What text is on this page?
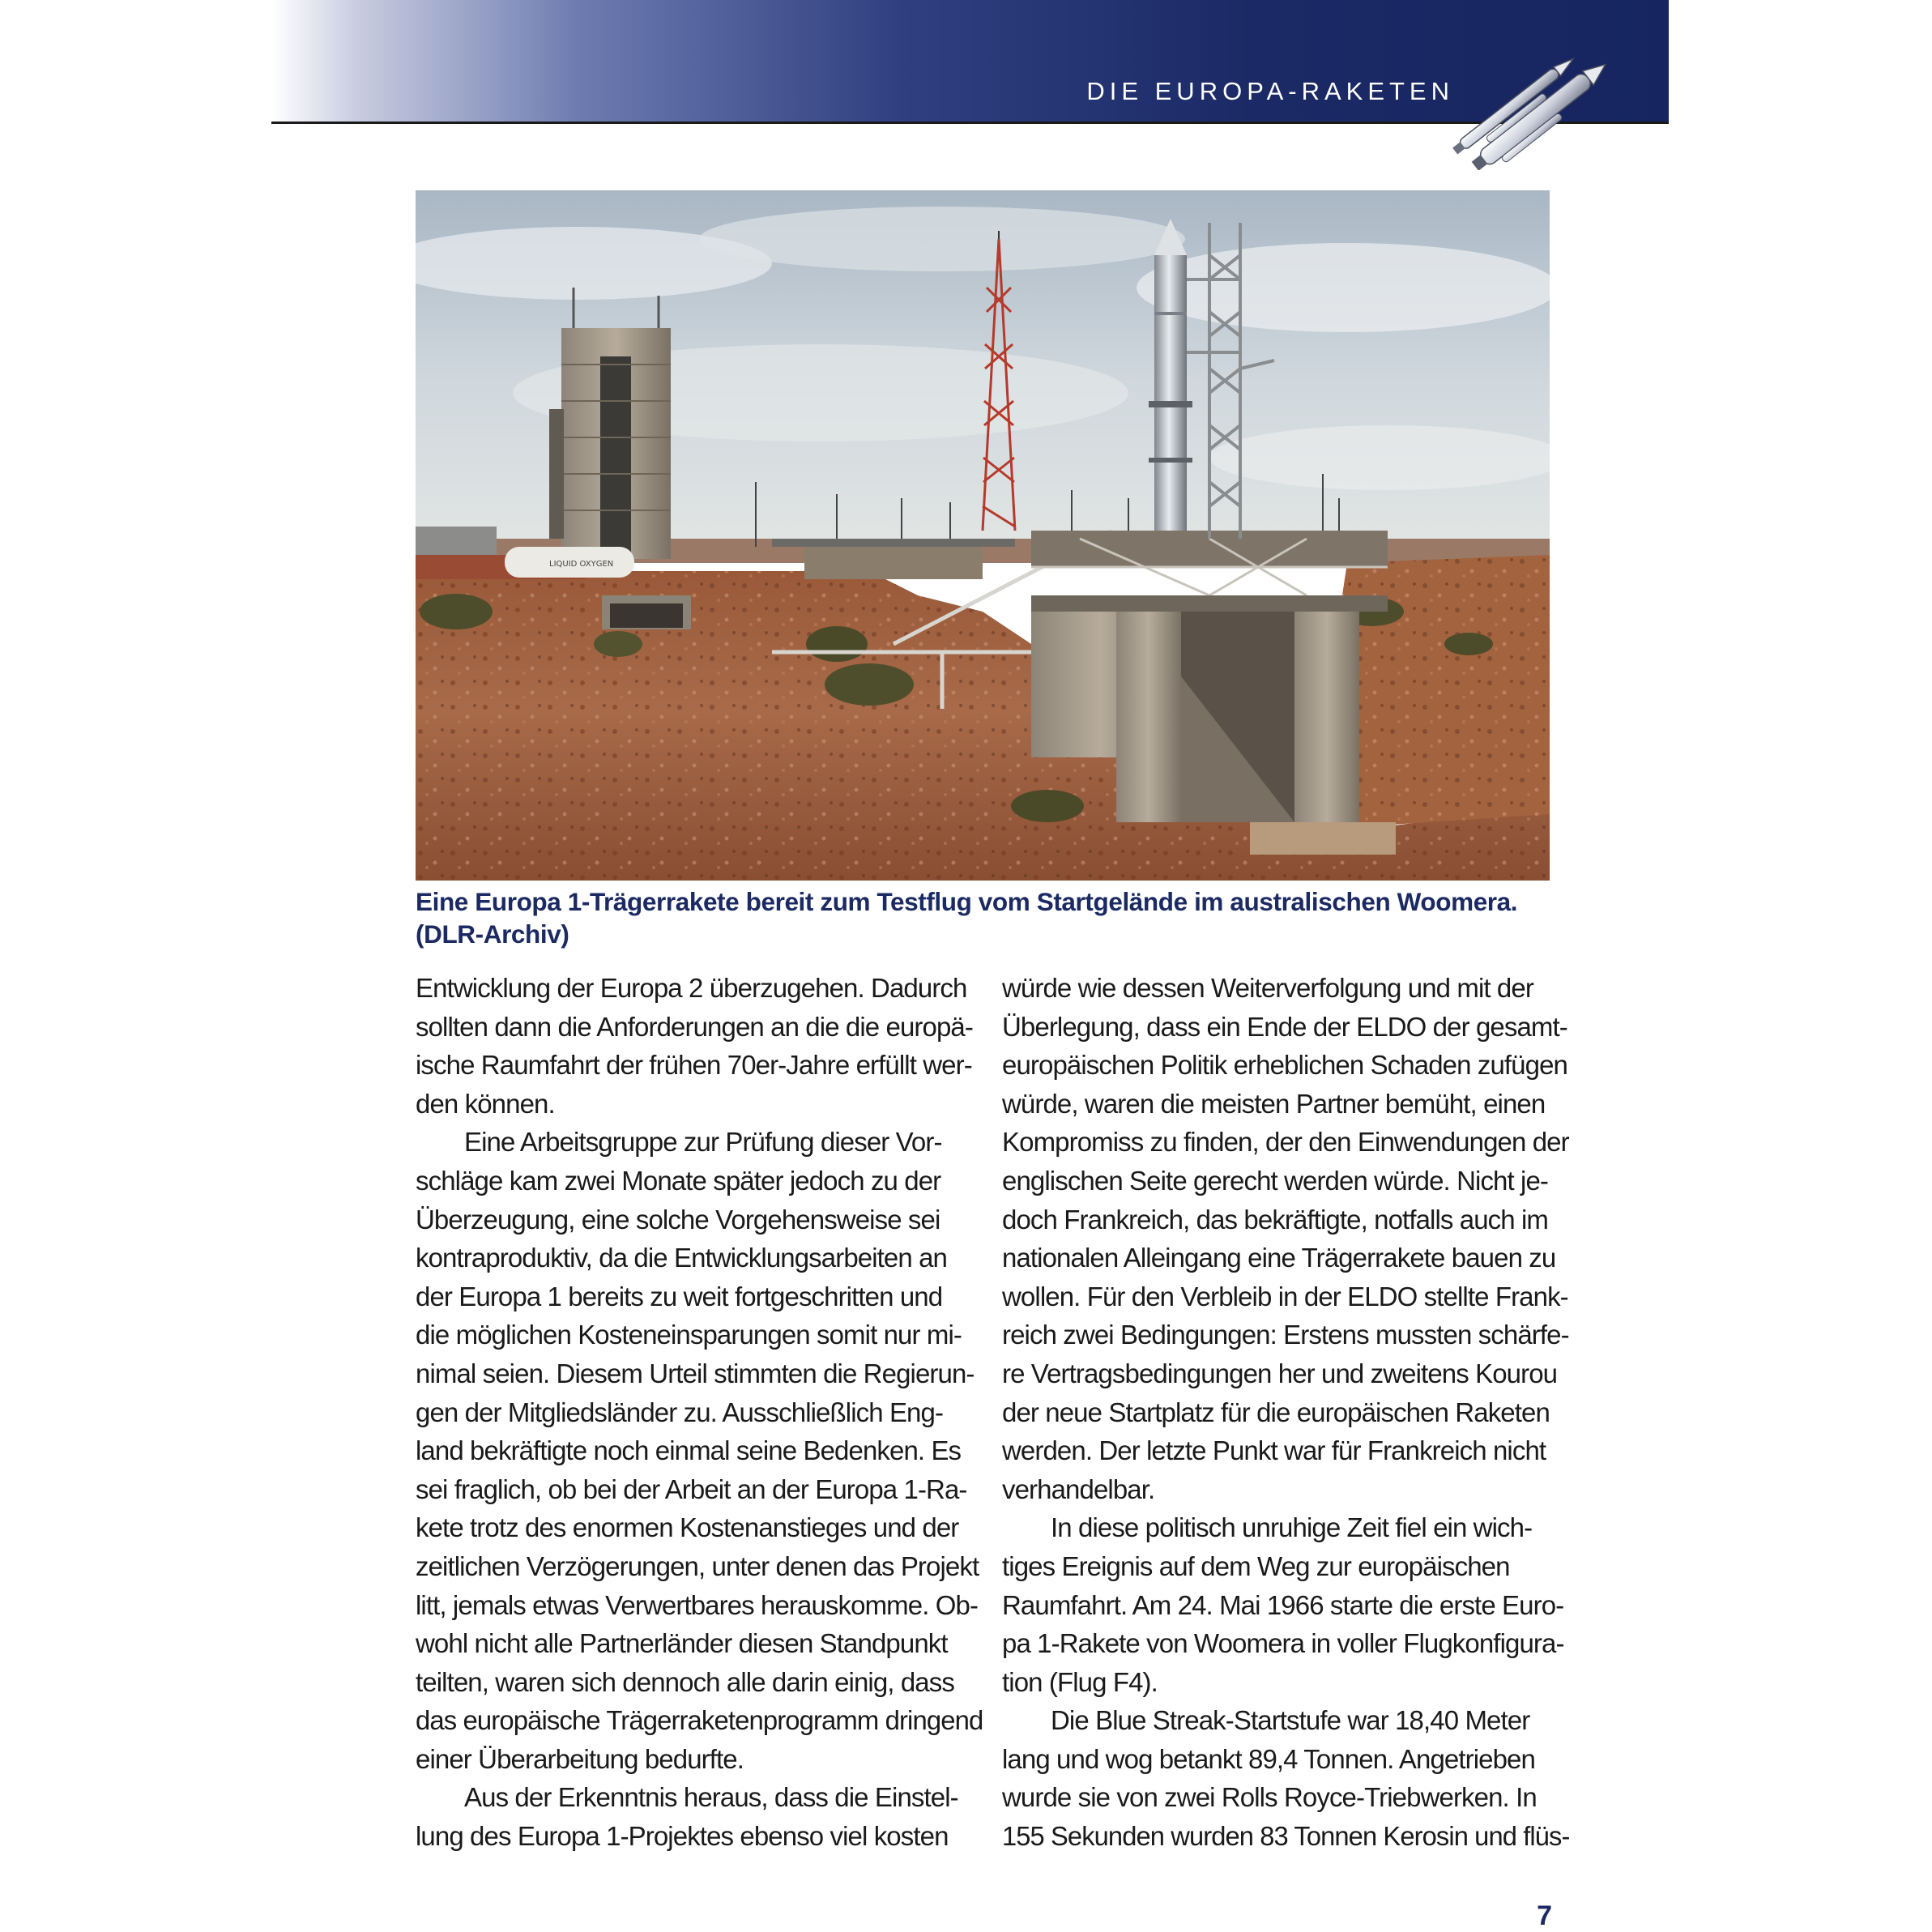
DIE EUROPA-RAKETEN
LIQUID OXYGEN
Eine Europa 1-Trägerrakete bereit zum Testflug vom Startgelände im australischen Woomera. (DLR-Archiv)
Entwicklung der Europa 2 überzugehen. Dadurch
sollten dann die Anforderungen an die die europä-
ische Raumfahrt der frühen 70er-Jahre erfüllt wer-
den können.
Eine Arbeitsgruppe zur Prüfung dieser Vor-
schläge kam zwei Monate später jedoch zu der
Überzeugung, eine solche Vorgehensweise sei
kontraproduktiv, da die Entwicklungsarbeiten an
der Europa 1 bereits zu weit fortgeschritten und
die möglichen Kosteneinsparungen somit nur mi-
nimal seien. Diesem Urteil stimmten die Regierun-
gen der Mitgliedsländer zu. Ausschließlich Eng-
land bekräftigte noch einmal seine Bedenken. Es
sei fraglich, ob bei der Arbeit an der Europa 1-Ra-
kete trotz des enormen Kostenanstieges und der
zeitlichen Verzögerungen, unter denen das Projekt
litt, jemals etwas Verwertbares herauskomme. Ob-
wohl nicht alle Partnerländer diesen Standpunkt
teilten, waren sich dennoch alle darin einig, dass
das europäische Trägerraketenprogramm dringend
einer Überarbeitung bedurfte.
Aus der Erkenntnis heraus, dass die Einstel-
lung des Europa 1-Projektes ebenso viel kosten
würde wie dessen Weiterverfolgung und mit der
Überlegung, dass ein Ende der ELDO der gesamt-
europäischen Politik erheblichen Schaden zufügen
würde, waren die meisten Partner bemüht, einen
Kompromiss zu finden, der den Einwendungen der
englischen Seite gerecht werden würde. Nicht je-
doch Frankreich, das bekräftigte, notfalls auch im
nationalen Alleingang eine Trägerrakete bauen zu
wollen. Für den Verbleib in der ELDO stellte Frank-
reich zwei Bedingungen: Erstens mussten schärfe-
re Vertragsbedingungen her und zweitens Kourou
der neue Startplatz für die europäischen Raketen
werden. Der letzte Punkt war für Frankreich nicht
verhandelbar.
In diese politisch unruhige Zeit fiel ein wich-
tiges Ereignis auf dem Weg zur europäischen
Raumfahrt. Am 24. Mai 1966 starte die erste Euro-
pa 1-Rakete von Woomera in voller Flugkonfigura-
tion (Flug F4).
Die Blue Streak-Startstufe war 18,40 Meter
lang und wog betankt 89,4 Tonnen. Angetrieben
wurde sie von zwei Rolls Royce-Triebwerken. In
155 Sekunden wurden 83 Tonnen Kerosin und flüs-
7
